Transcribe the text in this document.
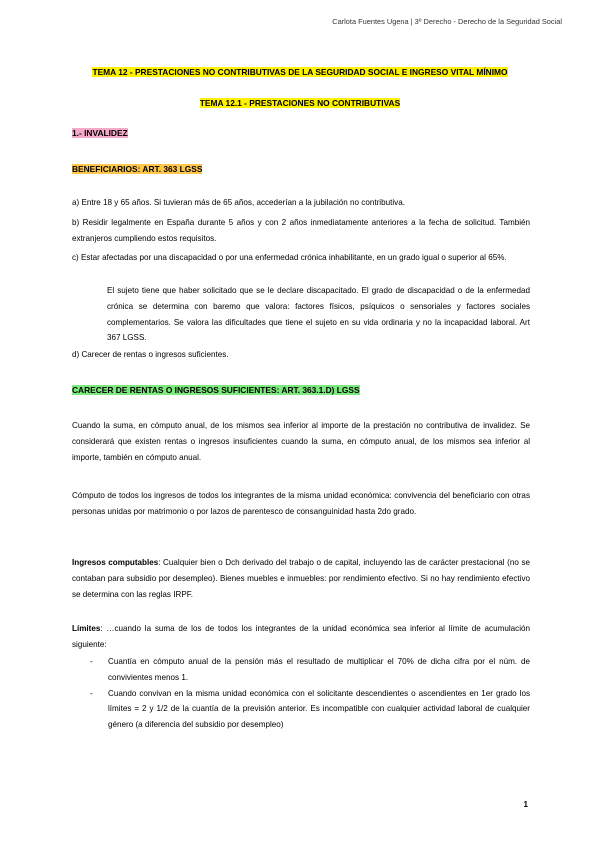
Carlota Fuentes Ugena | 3º Derecho - Derecho de la Seguridad Social
TEMA 12 - PRESTACIONES NO CONTRIBUTIVAS DE LA SEGURIDAD SOCIAL E INGRESO VITAL MÍNIMO
TEMA 12.1 - PRESTACIONES NO CONTRIBUTIVAS
1.- INVALIDEZ
BENEFICIARIOS: ART. 363 LGSS
a) Entre 18 y 65 años. Si tuvieran más de 65 años, accederían a la jubilación no contributiva.
b) Residir legalmente en España durante 5 años y con 2 años inmediatamente anteriores a la fecha de solicitud. También extranjeros cumpliendo estos requisitos.
c) Estar afectadas por una discapacidad o por una enfermedad crónica inhabilitante, en un grado igual o superior al 65%.
El sujeto tiene que haber solicitado que se le declare discapacitado. El grado de discapacidad o de la enfermedad crónica se determina con baremo que valora: factores físicos, psíquicos o sensoriales y factores sociales complementarios. Se valora las dificultades que tiene el sujeto en su vida ordinaria y no la incapacidad laboral. Art 367 LGSS.
d) Carecer de rentas o ingresos suficientes.
CARECER DE RENTAS O INGRESOS SUFICIENTES: ART. 363.1.D) LGSS
Cuando la suma, en cómputo anual, de los mismos sea inferior al importe de la prestación no contributiva de invalidez. Se considerará que existen rentas o ingresos insuficientes cuando la suma, en cómputo anual, de los mismos sea inferior al importe, también en cómputo anual.
Cómputo de todos los ingresos de todos los integrantes de la misma unidad económica: convivencia del beneficiario con otras personas unidas por matrimonio o por lazos de parentesco de consanguinidad hasta 2do grado.
Ingresos computables: Cualquier bien o Dch derivado del trabajo o de capital, incluyendo las de carácter prestacional (no se contaban para subsidio por desempleo). Bienes muebles e inmuebles: por rendimiento efectivo. Si no hay rendimiento efectivo se determina con las reglas IRPF.
Límites: …cuando la suma de los de todos los integrantes de la unidad económica sea inferior al límite de acumulación siguiente:
- Cuantía en cómputo anual de la pensión más el resultado de multiplicar el 70% de dicha cifra por el núm. de convivientes menos 1.
- Cuando convivan en la misma unidad económica con el solicitante descendientes o ascendientes en 1er grado los límites = 2 y 1/2 de la cuantía de la previsión anterior. Es incompatible con cualquier actividad laboral de cualquier género (a diferencia del subsidio por desempleo)
1
